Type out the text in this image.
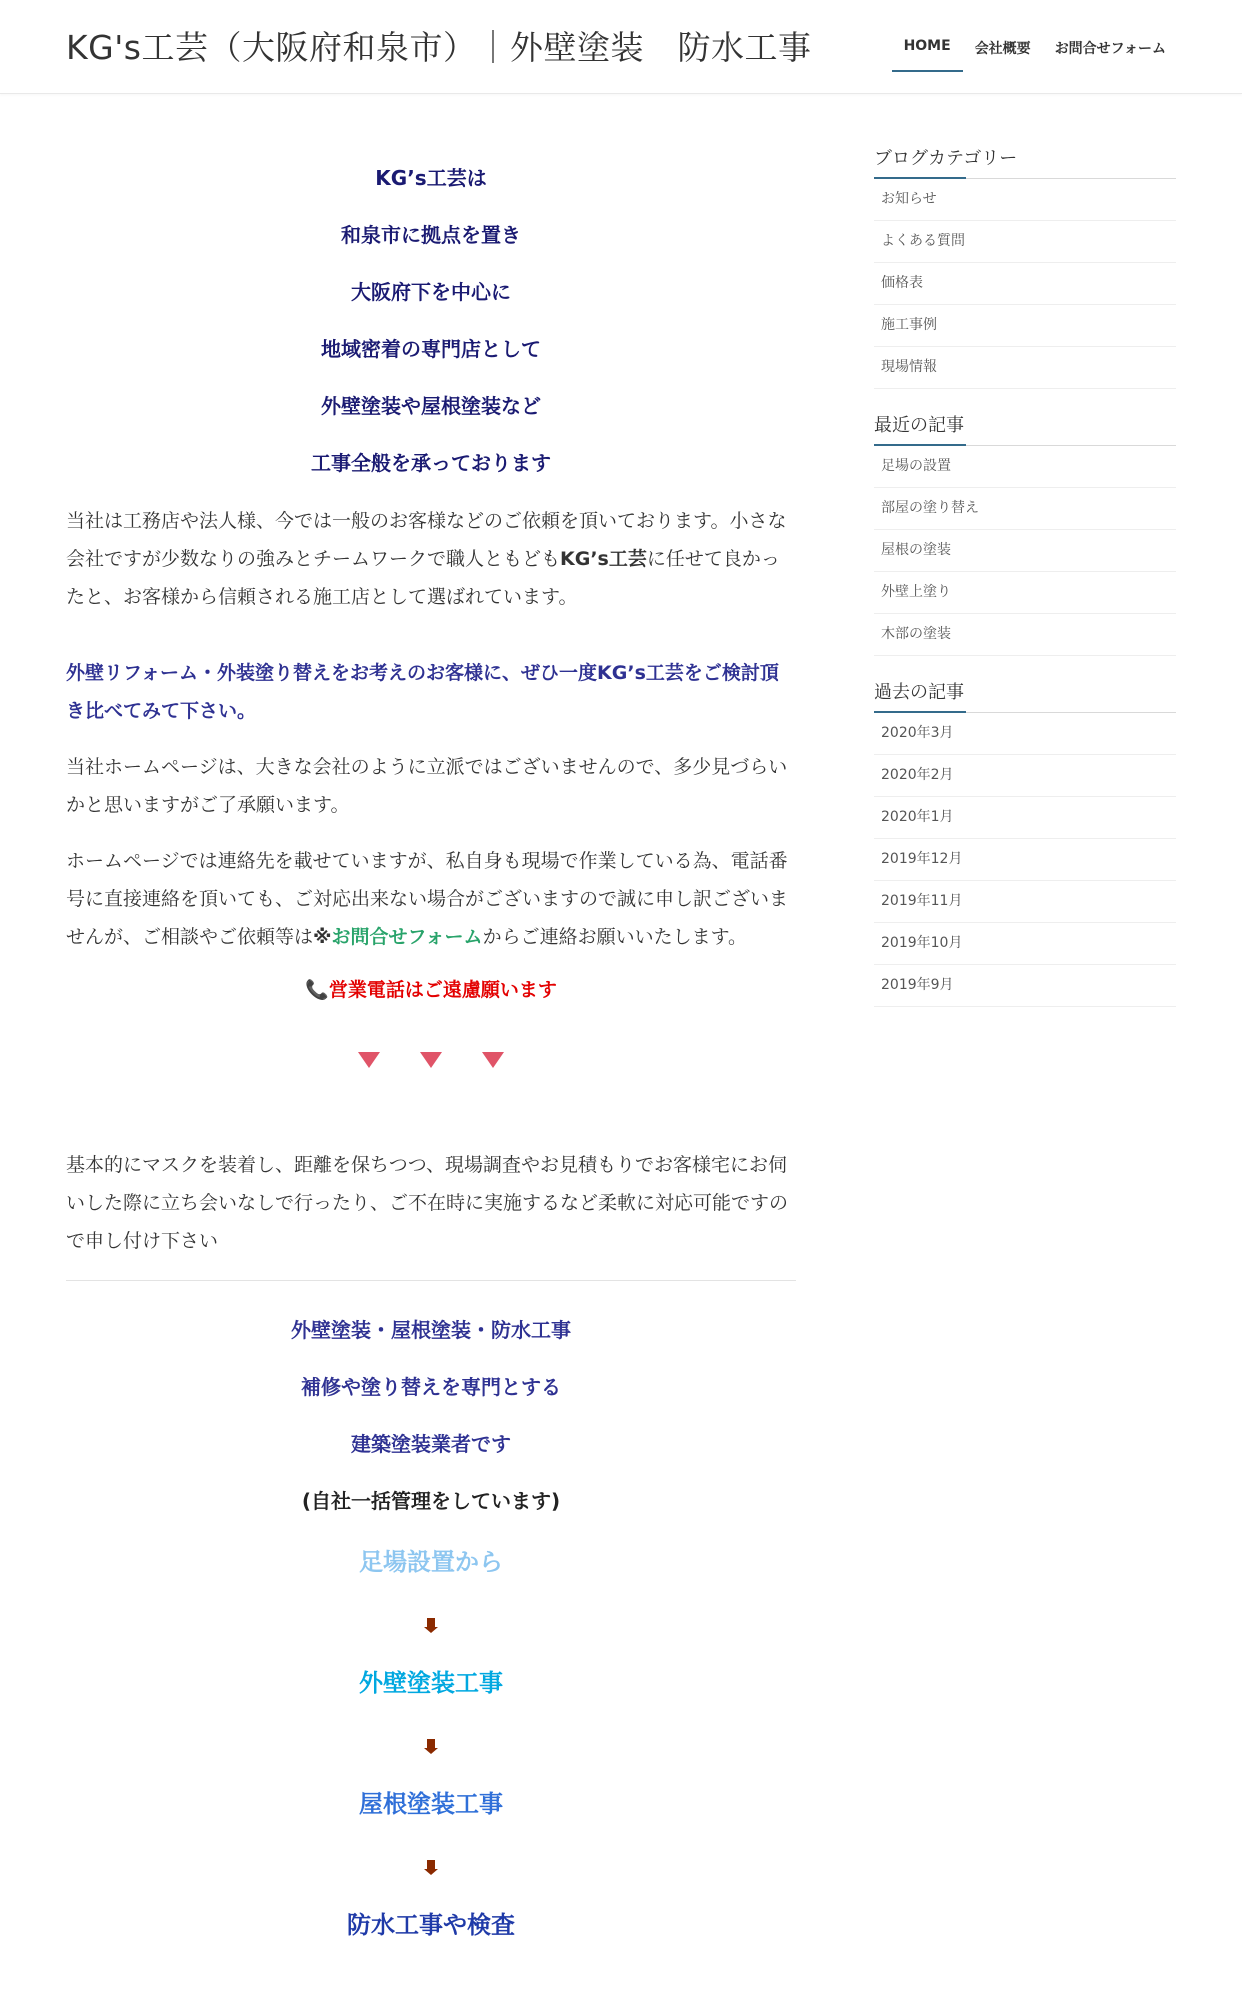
KG's工芸（大阪府和泉市）｜外壁塗装　防水工事	HOME 会社概要 お問合せフォーム
KG’s工芸は
和泉市に拠点を置き
大阪府下を中心に
地域密着の専門店として
外壁塗装や屋根塗装など
工事全般を承っております

当社は工務店や法人様、今では一般のお客様などのご依頼を頂いております。小さな会社ですが少数なりの強みとチームワークで職人ともどもKG’s工芸に任せて良かったと、お客様から信頼される施工店として選ばれています。

外壁リフォーム・外装塗り替えをお考えのお客様に、ぜひ一度KG’s工芸をご検討頂き比べてみて下さい。

当社ホームページは、大きな会社のように立派ではございませんので、多少見づらいかと思いますがご了承願います。

ホームページでは連絡先を載せていますが、私自身も現場で作業している為、電話番号に直接連絡を頂いても、ご対応出来ない場合がございますので誠に申し訳ございませんが、ご相談やご依頼等は※お問合せフォームからご連絡お願いいたします。

📞営業電話はご遠慮願います

基本的にマスクを装着し、距離を保ちつつ、現場調査やお見積もりでお客様宅にお伺いした際に立ち会いなしで行ったり、ご不在時に実施するなど柔軟に対応可能ですので申し付け下さい

外壁塗装・屋根塗装・防水工事
補修や塗り替えを専門とする
建築塗装業者です
(自社一括管理をしています)
足場設置から
外壁塗装工事
屋根塗装工事
防水工事や検査
ブログカテゴリー
お知らせ
よくある質問
価格表
施工事例
現場情報
最近の記事
足場の設置
部屋の塗り替え
屋根の塗装
外壁上塗り
木部の塗装
過去の記事
2020年3月
2020年2月
2020年1月
2019年12月
2019年11月
2019年10月
2019年9月
